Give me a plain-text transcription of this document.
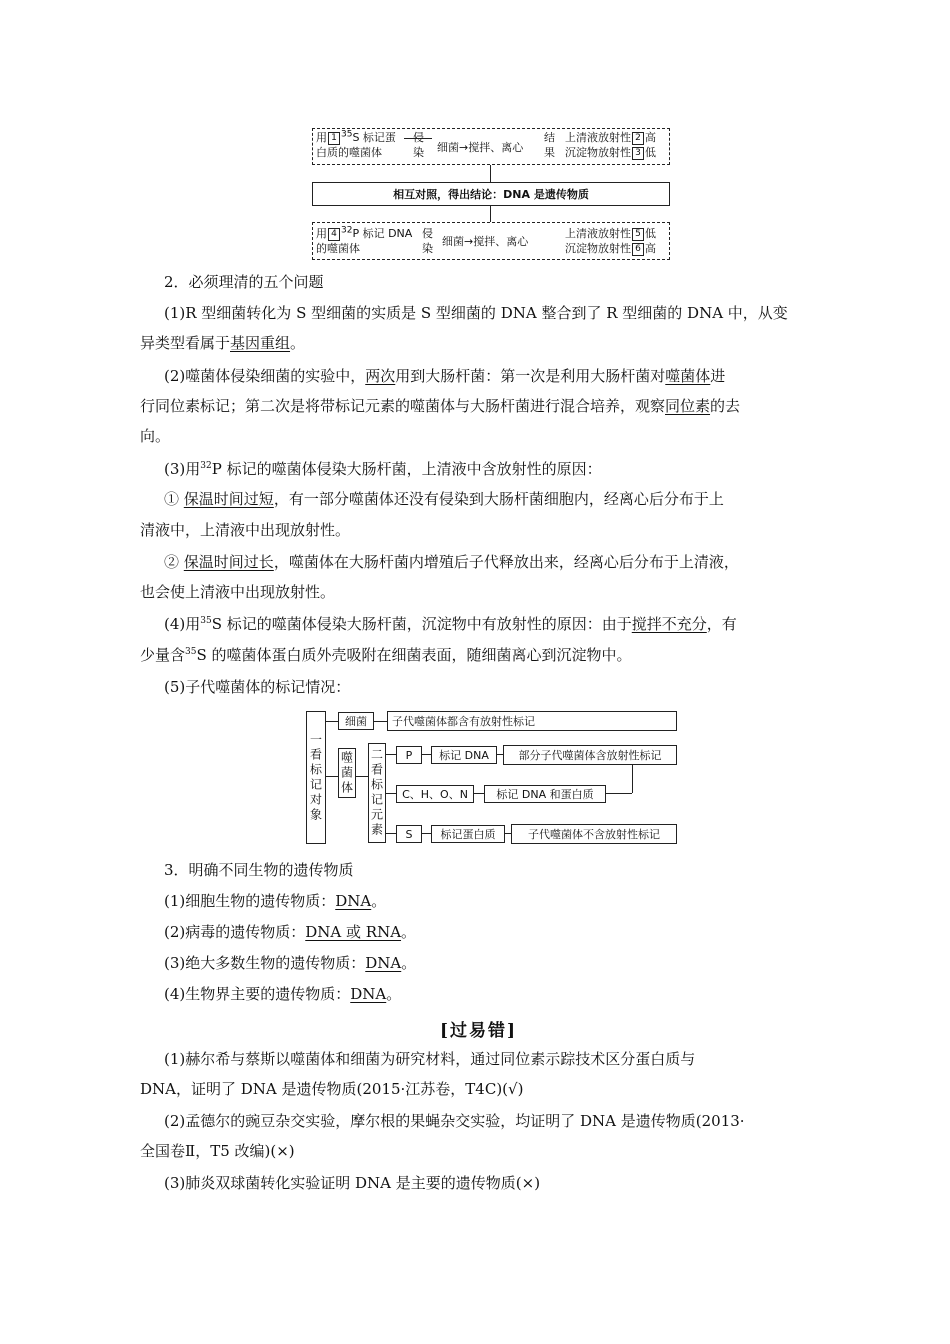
用 1 $^{35}$S 标记蛋
白质的噬菌体
侵
染 细菌→搅拌、离心
结
果
上清液放射性 2 高
沉淀物放射性 3 低
相互对照，得出结论：DNA 是遗传物质
用 4 $^{32}$P 标记 DNA
的噬菌体
侵
染
细菌→搅拌、离心
上清液放射性 5 低
沉淀物放射性 6 高
2．必须理清的五个问题
(1)R 型细菌转化为 S 型细菌的实质是 S 型细菌的 DNA 整合到了 R 型细菌的 DNA 中，从变
异类型看属于基因重组。
(2)噬菌体侵染细菌的实验中，两次用到大肠杆菌：第一次是利用大肠杆菌对噬菌体进
行同位素标记；第二次是将带标记元素的噬菌体与大肠杆菌进行混合培养，观察同位素的去
向。
(3)用$^{32}$P 标记的噬菌体侵染大肠杆菌，上清液中含放射性的原因：
① 保温时间过短，有一部分噬菌体还没有侵染到大肠杆菌细胞内，经离心后分布于上
清液中，上清液中出现放射性。
② 保温时间过长，噬菌体在大肠杆菌内增殖后子代释放出来，经离心后分布于上清液，
也会使上清液中出现放射性。
(4)用$^{35}$S 标记的噬菌体侵染大肠杆菌，沉淀物中有放射性的原因：由于搅拌不充分，有
少量含$^{35}$S 的噬菌体蛋白质外壳吸附在细菌表面，随细菌离心到沉淀物中。
(5)子代噬菌体的标记情况：
一看标记对象
细菌	子代噬菌体都含有放射性标记
噬菌体 二看标记元素	P	标记 DNA	部分子代噬菌体含放射性标记
C、H、O、N	标记 DNA 和蛋白质
S	标记蛋白质	子代噬菌体不含放射性标记
3．明确不同生物的遗传物质
(1)细胞生物的遗传物质：DNA。
(2)病毒的遗传物质：DNA 或 RNA。
(3)绝大多数生物的遗传物质：DNA。
(4)生物界主要的遗传物质：DNA。
[过易错]
(1)赫尔希与蔡斯以噬菌体和细菌为研究材料，通过同位素示踪技术区分蛋白质与
DNA，证明了 DNA 是遗传物质(2015·江苏卷，T4C)(√)
(2)孟德尔的豌豆杂交实验，摩尔根的果蝇杂交实验，均证明了 DNA 是遗传物质(2013·
全国卷Ⅱ，T5 改编)(×)
(3)肺炎双球菌转化实验证明 DNA 是主要的遗传物质(×)
